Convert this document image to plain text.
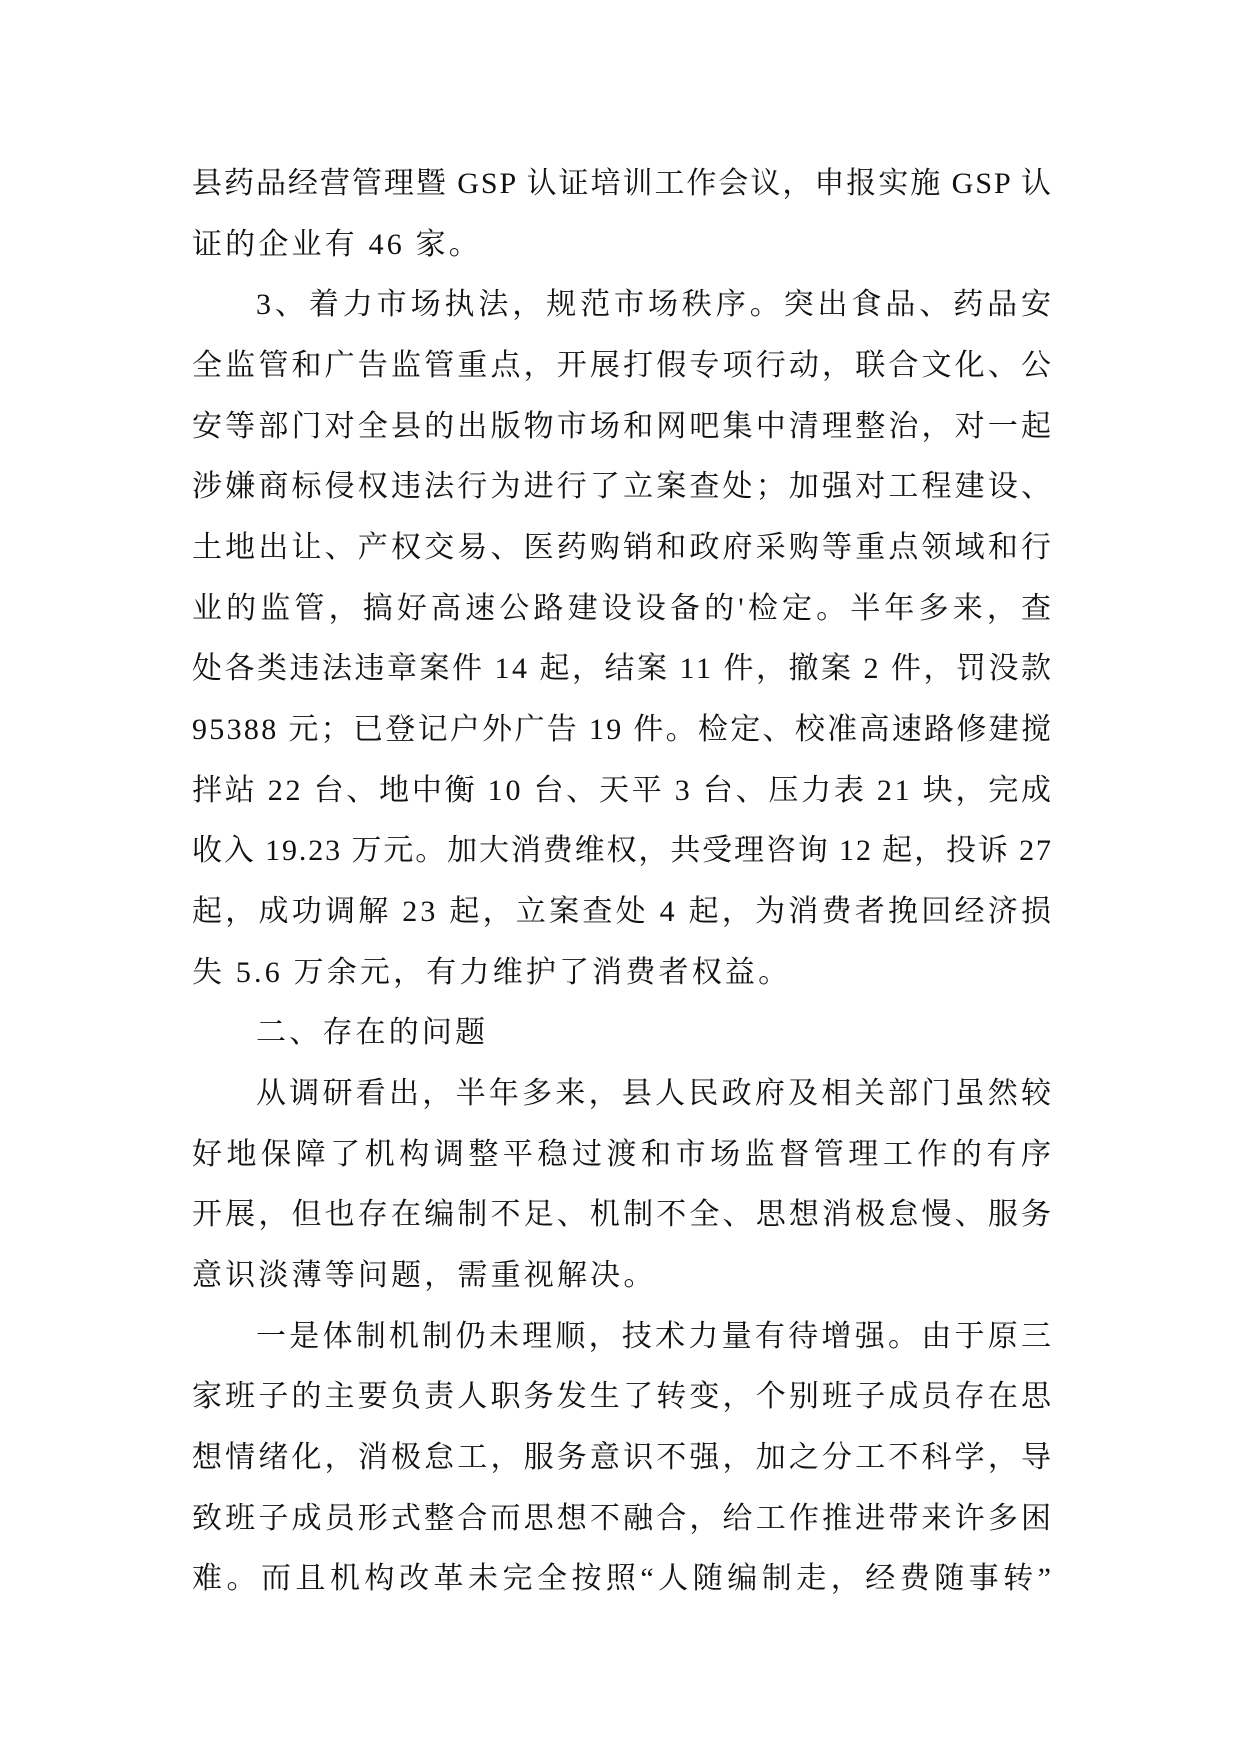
县药品经营管理暨 GSP 认证培训工作会议，申报实施 GSP 认
证的企业有 46 家。
3、着力市场执法，规范市场秩序。突出食品、药品安
全监管和广告监管重点，开展打假专项行动，联合文化、公
安等部门对全县的出版物市场和网吧集中清理整治，对一起
涉嫌商标侵权违法行为进行了立案查处；加强对工程建设、
土地出让、产权交易、医药购销和政府采购等重点领域和行
业的监管，搞好高速公路建设设备的'检定。半年多来，查
处各类违法违章案件 14 起，结案 11 件，撤案 2 件，罚没款
95388 元；已登记户外广告 19 件。检定、校准高速路修建搅
拌站 22 台、地中衡 10 台、天平 3 台、压力表 21 块，完成
收入 19.23 万元。加大消费维权，共受理咨询 12 起，投诉 27
起，成功调解 23 起，立案查处 4 起，为消费者挽回经济损
失 5.6 万余元，有力维护了消费者权益。
二、存在的问题
从调研看出，半年多来，县人民政府及相关部门虽然较
好地保障了机构调整平稳过渡和市场监督管理工作的有序
开展，但也存在编制不足、机制不全、思想消极怠慢、服务
意识淡薄等问题，需重视解决。
一是体制机制仍未理顺，技术力量有待增强。由于原三
家班子的主要负责人职务发生了转变，个别班子成员存在思
想情绪化，消极怠工，服务意识不强，加之分工不科学，导
致班子成员形式整合而思想不融合，给工作推进带来许多困
难。而且机构改革未完全按照“人随编制走，经费随事转”
